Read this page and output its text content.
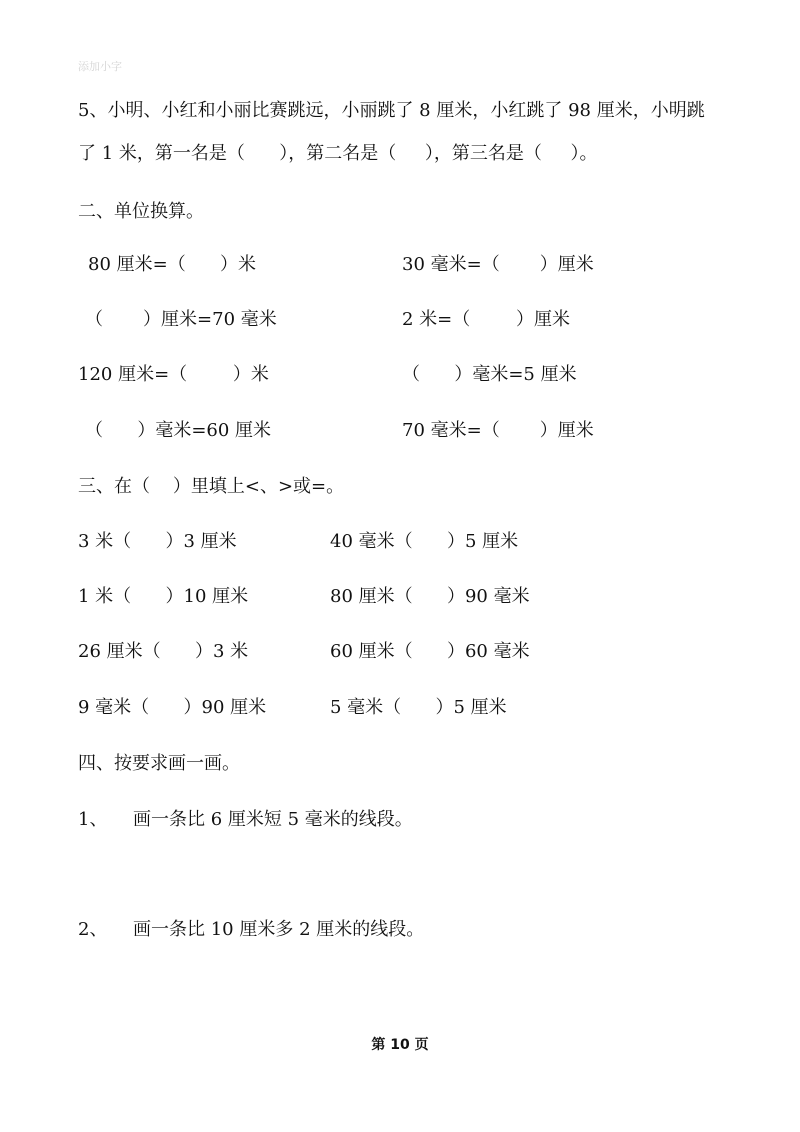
添加小字
5、小明、小红和小丽比赛跳远，小丽跳了 8 厘米，小红跳了 98 厘米，小明跳
了 1 米，第一名是（      ），第二名是（     ），第三名是（     ）。
二、单位换算。
80 厘米=（      ）米	30 毫米=（       ）厘米
（       ）厘米=70 毫米	2 米=（        ）厘米
120 厘米=（        ）米	（      ）毫米=5 厘米
（      ）毫米=60 厘米	70 毫米=（       ）厘米
三、在（    ）里填上<、>或=。
3 米（      ）3 厘米	40 毫米（      ）5 厘米
1 米（      ）10 厘米	80 厘米（      ）90 毫米
26 厘米（      ）3 米	60 厘米（      ）60 毫米
9 毫米（      ）90 厘米	5 毫米（      ）5 厘米
四、按要求画一画。
1、 画一条比 6 厘米短 5 毫米的线段。
2、 画一条比 10 厘米多 2 厘米的线段。
第 10 页
